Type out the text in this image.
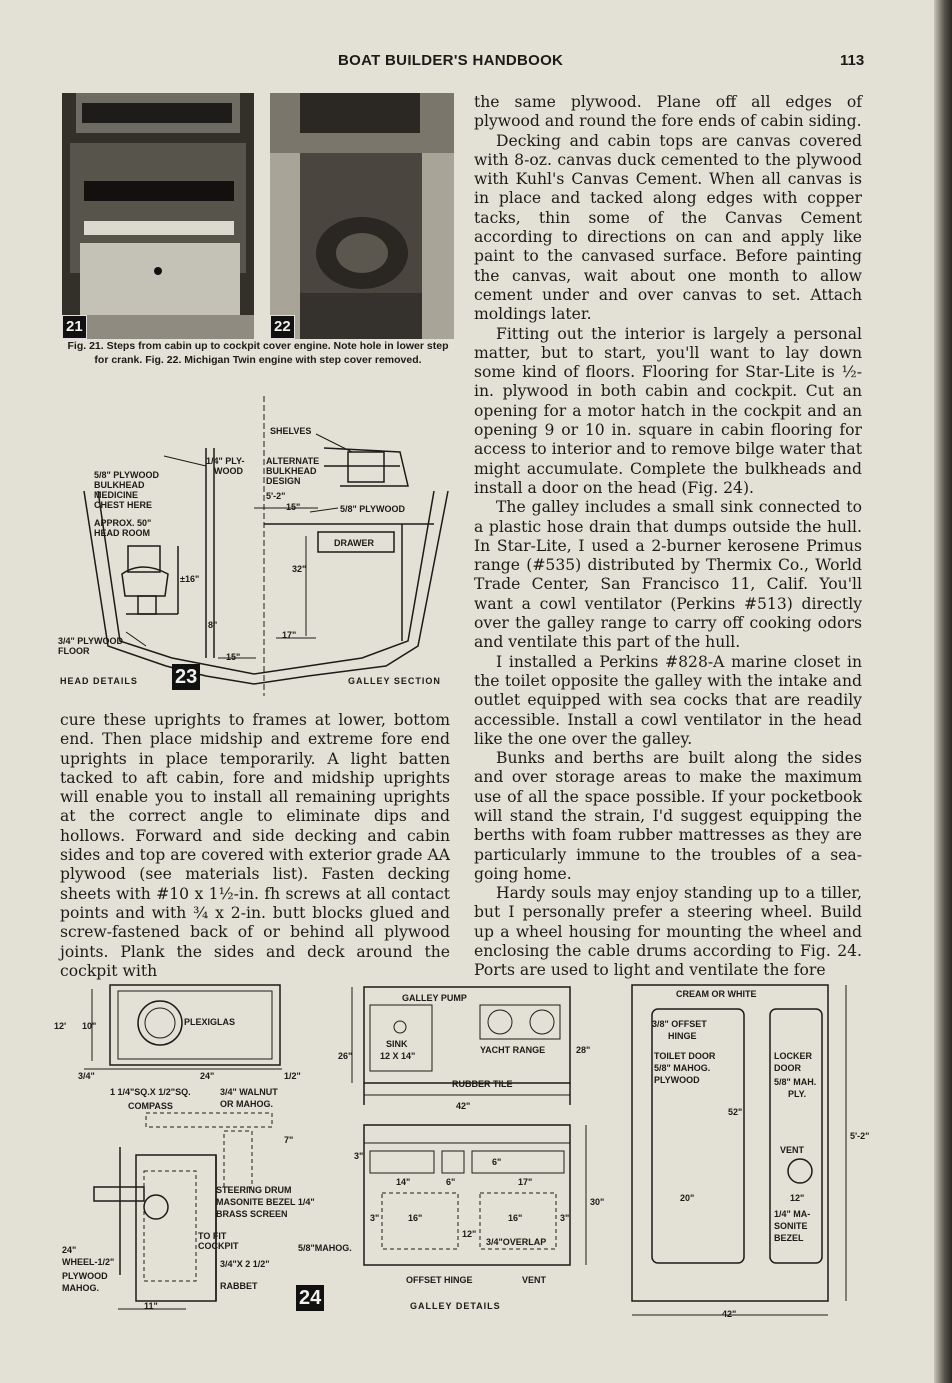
BOAT BUILDER'S HANDBOOK	113
21	22
Fig. 21. Steps from cabin up to cockpit cover engine. Note hole in lower step for crank. Fig. 22. Michigan Twin engine with step cover removed.
SHELVES
5/8" PLYWOOD
BULKHEAD
MEDICINE
CHEST HERE
APPROX. 50"
HEAD ROOM
1/4" PLY-
WOOD
ALTERNATE
BULKHEAD
DESIGN
5'-2"
15"	5/8" PLYWOOD
DRAWER
32"
±16"
17"
8"
15"
3/4" PLYWOOD
FLOOR
HEAD DETAILS 23	GALLEY SECTION

cure these uprights to frames at lower, bottom end. Then place midship and extreme fore end uprights in place temporarily. A light batten tacked to aft cabin, fore and midship uprights will enable you to install all remaining uprights at the correct angle to eliminate dips and hollows. Forward and side decking and cabin sides and top are covered with exterior grade AA plywood (see materials list). Fasten decking sheets with #10 x 1½-in. fh screws at all contact points and with ¾ x 2-in. butt blocks glued and screw-fastened back of or behind all plywood joints. Plank the sides and deck around the cockpit with

the same plywood. Plane off all edges of plywood and round the fore ends of cabin siding.

Decking and cabin tops are canvas covered with 8-oz. canvas duck cemented to the plywood with Kuhl's Canvas Cement. When all canvas is in place and tacked along edges with copper tacks, thin some of the Canvas Cement according to directions on can and apply like paint to the canvased surface. Before painting the canvas, wait about one month to allow cement under and over canvas to set. Attach moldings later.

Fitting out the interior is largely a personal matter, but to start, you'll want to lay down some kind of floors. Flooring for Star-Lite is ½-in. plywood in both cabin and cockpit. Cut an opening for a motor hatch in the cockpit and an opening 9 or 10 in. square in cabin flooring for access to interior and to remove bilge water that might accumulate. Complete the bulkheads and install a door on the head (Fig. 24).

The galley includes a small sink connected to a plastic hose drain that dumps outside the hull. In Star-Lite, I used a 2-burner kerosene Primus range (#535) distributed by Thermix Co., World Trade Center, San Francisco 11, Calif. You'll want a cowl ventilator (Perkins #513) directly over the galley range to carry off cooking odors and ventilate this part of the hull.

I installed a Perkins #828-A marine closet in the toilet opposite the galley with the intake and outlet equipped with sea cocks that are readily accessible. Install a cowl ventilator in the head like the one over the galley.

Bunks and berths are built along the sides and over storage areas to make the maximum use of all the space possible. If your pocketbook will stand the strain, I'd suggest equipping the berths with foam rubber mattresses as they are particularly immune to the troubles of a sea-going home.

Hardy souls may enjoy standing up to a tiller, but I personally prefer a steering wheel. Build up a wheel housing for mounting the wheel and enclosing the cable drums according to Fig. 24. Ports are used to light and ventilate the fore

12' 10"	PLEXIGLAS
3/4"	24"	1/2"
1 1/4"SQ.X 1/2"SQ.	3/4" WALNUT
COMPASS	OR MAHOG.
7"
STEERING DRUM
MASONITE BEZEL 1/4"
BRASS SCREEN
TO FIT
COCKPIT	5/8"MAHOG.
3/4"X 2 1/2"
RABBET
24"
WHEEL-1/2"
PLYWOOD
MAHOG.
11"	24
GALLEY PUMP
SINK
12 X 14"
YACHT RANGE
26"
28"
RUBBER TILE
42"
3"
14"	6"
6"
17"
30"
3"	16"	16"	3"
12"
3/4"OVERLAP
OFFSET HINGE	VENT
GALLEY DETAILS
CREAM OR WHITE
3/8" OFFSET
HINGE
TOILET DOOR
5/8" MAHOG.
PLYWOOD
LOCKER
DOOR
5/8" MAH.
PLY.
52"
5'-2"
VENT
20"	12"
1/4" MA-
SONITE
BEZEL
42"
